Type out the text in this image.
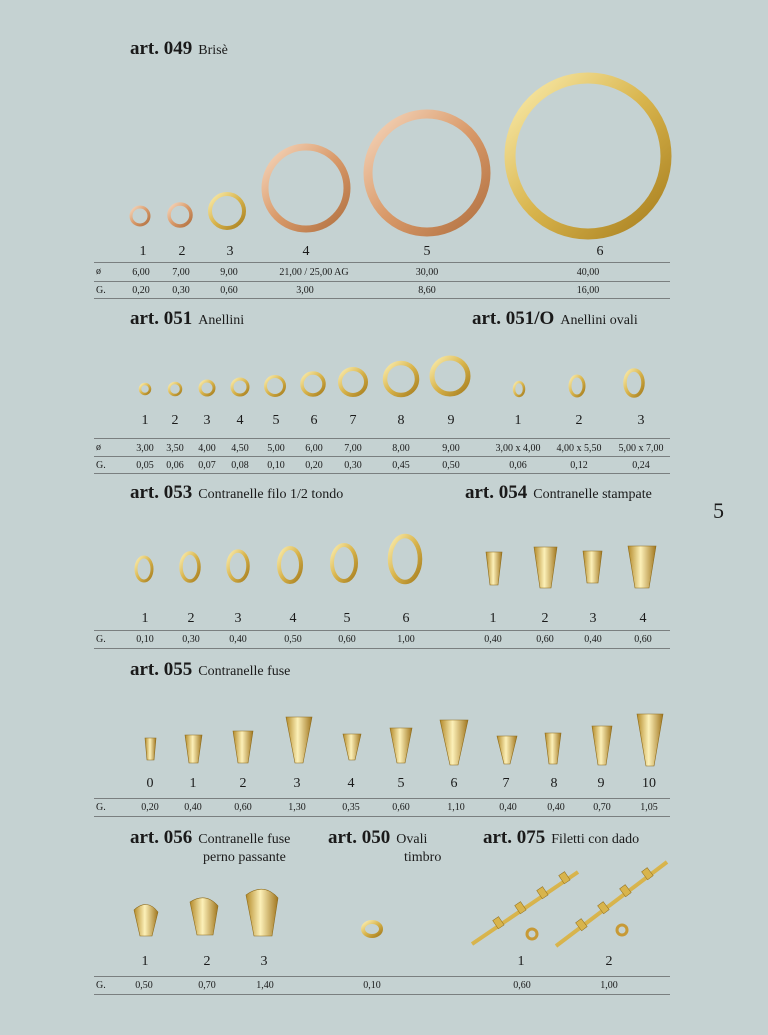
art. 049 Brisè
1 2	3	4	5	6
ø	6,00 7,00	9,00	21,00 / 25,00 AG	30,00	40,00
G.	0,20 0,30	0,60	3,00	8,60	16,00
art. 051 Anellini	art. 051/O Anellini ovali
1 2 3 4 5 6 7	8	9	1	2	3
ø	3,00 3,50 4,00 4,50 5,00 6,00 7,00	8,00	9,00	3,00 x 4,00 4,00 x 5,50 5,00 x 7,00
G.	0,05 0,06 0,07 0,08 0,10 0,20 0,30	0,45	0,50	0,06	0,12	0,24
art. 053 Contranelle filo 1/2 tondo	art. 054 Contranelle stampate
5
1	2	3	4	5	6	1	2	3	4
G.	0,10	0,30	0,40	0,50	0,60	1,00	0,40	0,60	0,40	0,60
art. 055 Contranelle fuse
0	1	2	3	4	5	6	7	8	9	10
G.	0,20	0,40	0,60	1,30	0,35	0,60	1,10	0,40	0,40	0,70	1,05
art. 056 Contranelle fuse
perno passante
art. 050 Ovali
timbro
art. 075 Filetti con dado
1	2	3	1	2
G.	0,50	0,70	1,40	0,10	0,60	1,00
